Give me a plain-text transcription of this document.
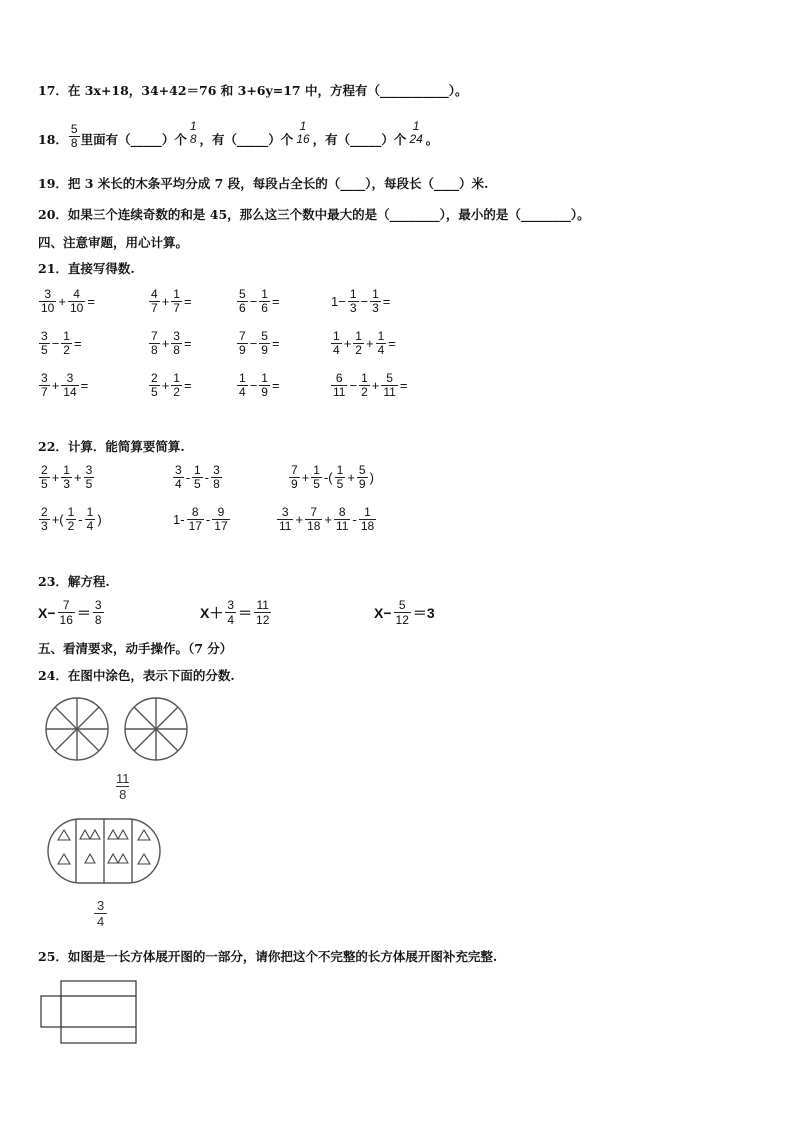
17．在 3x+18，34+42＝76 和 3+6y=17 中，方程有（___________）。
18． $\frac{5}{8}$ 里面有（_____）个
1
8 ，有（_____）个
1
16 ，有（_____）个
1
24 。
19．把 3 米长的木条平均分成 7 段，每段占全长的（____），每段长（____）米.
20．如果三个连续奇数的和是 45，那么这三个数中最大的是（________），最小的是（________）。
四、注意审题，用心计算。
21．直接写得数.
22．计算．能简算要简算.
23．解方程.
五、看清要求，动手操作。（7 分）
24．在图中涂色，表示下面的分数.
$\frac{11}{8}$
$\frac{3}{4}$
25．如图是一长方体展开图的一部分，请你把这个不完整的长方体展开图补充完整.
$\frac{3}{10} + \frac{4}{10}$ =	$\frac{4}{7} + \frac{1}{7}$ =	$\frac{5}{6} - \frac{1}{6}$ =	$1- \frac{1}{3} - \frac{1}{3}$ =
$\frac{3}{5} - \frac{1}{2}$ =	$\frac{7}{8} + \frac{3}{8}$ =	$\frac{7}{9} - \frac{5}{9}$ =	$\frac{1}{4} + \frac{1}{2} + \frac{1}{4}$ =
$\frac{3}{7} + \frac{3}{14}$ =	$\frac{2}{5} + \frac{1}{2}$ =	$\frac{1}{4} - \frac{1}{9}$ =	$\frac{6}{11} - \frac{1}{2} + \frac{5}{11}$ =
$\frac{2}{5} + \frac{1}{3} + \frac{3}{5}$	$\frac{3}{4} - \frac{1}{5} - \frac{3}{8}$	$\frac{7}{9} + \frac{1}{5}$ -( $\frac{1}{5} + \frac{5}{9}$ )
$\frac{2}{3}$ +( $\frac{1}{2} - \frac{1}{4}$ )	$1- \frac{8}{17} - \frac{9}{17}$	$\frac{3}{11} + \frac{7}{18} + \frac{8}{11} - \frac{1}{18}$
$X- \frac{7}{16} = \frac{3}{8}$	$X+ \frac{3}{4} = \frac{11}{12}$	$X- \frac{5}{12} =3$
